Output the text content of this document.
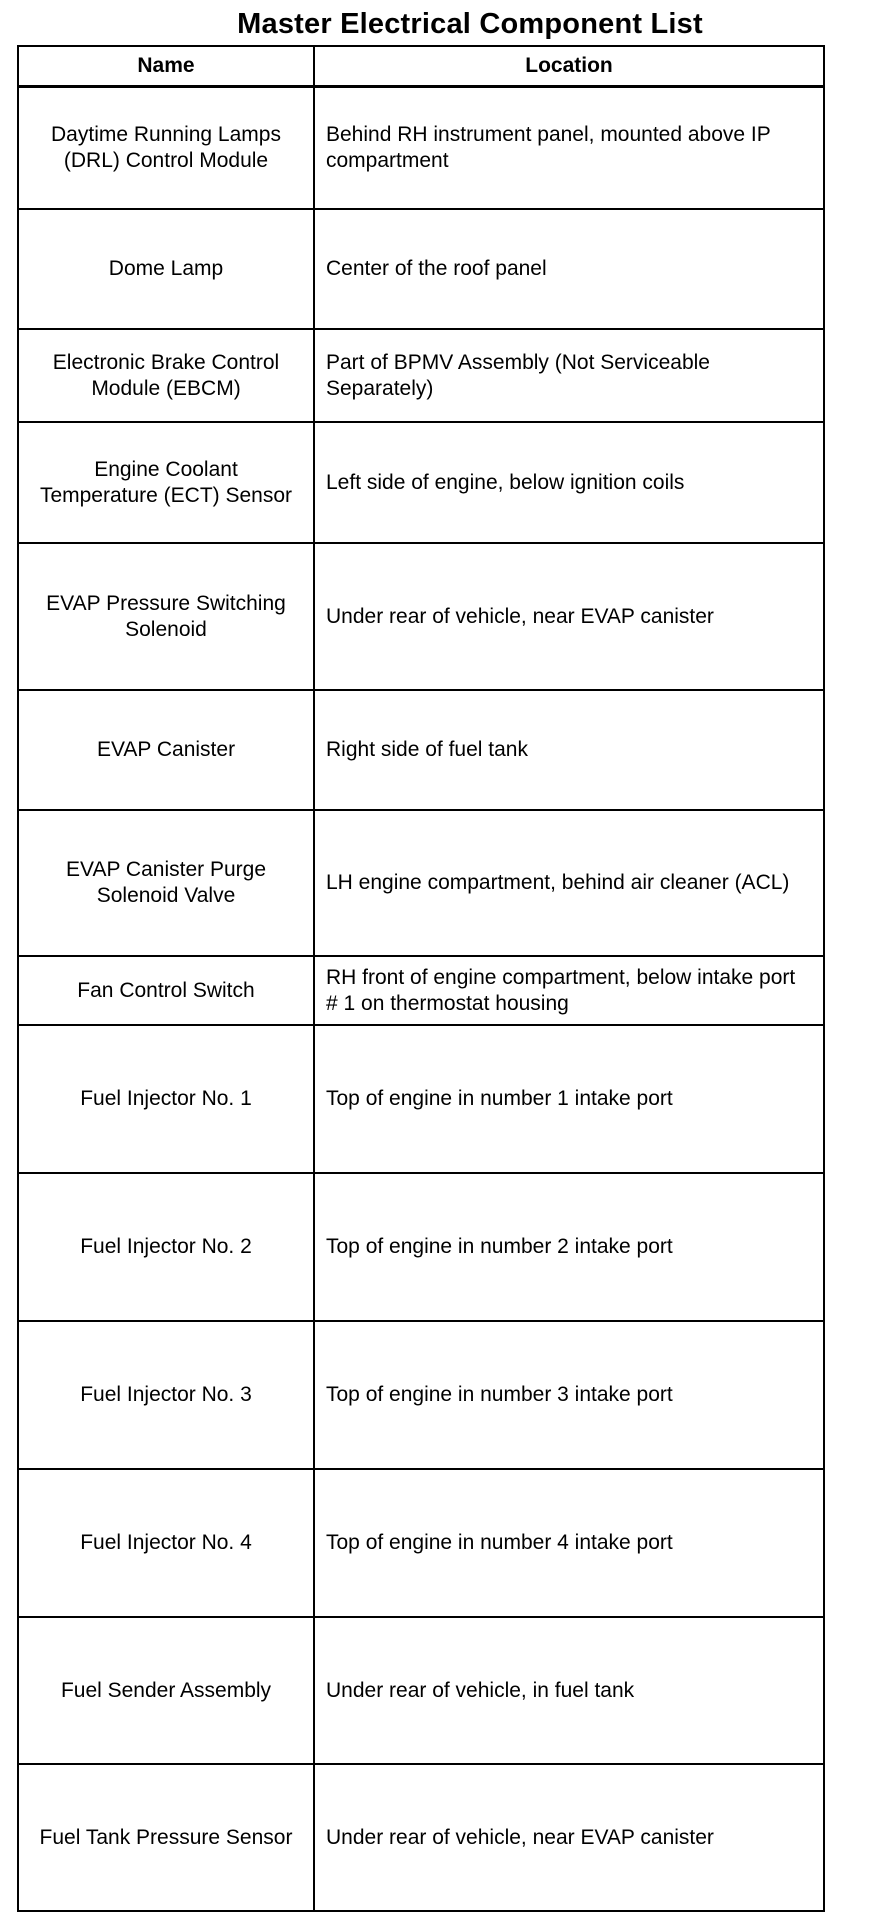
Master Electrical Component List
Name	Location
Daytime Running Lamps (DRL) Control Module	Behind RH instrument panel, mounted above IP compartment
Dome Lamp	Center of the roof panel
Electronic Brake Control Module (EBCM)	Part of BPMV Assembly (Not Serviceable Separately)
Engine Coolant Temperature (ECT) Sensor	Left side of engine, below ignition coils
EVAP Pressure Switching Solenoid	Under rear of vehicle, near EVAP canister
EVAP Canister	Right side of fuel tank
EVAP Canister Purge Solenoid Valve	LH engine compartment, behind air cleaner (ACL)
Fan Control Switch	RH front of engine compartment, below intake port # 1 on thermostat housing
Fuel Injector No. 1	Top of engine in number 1 intake port
Fuel Injector No. 2	Top of engine in number 2 intake port
Fuel Injector No. 3	Top of engine in number 3 intake port
Fuel Injector No. 4	Top of engine in number 4 intake port
Fuel Sender Assembly	Under rear of vehicle, in fuel tank
Fuel Tank Pressure Sensor	Under rear of vehicle, near EVAP canister
